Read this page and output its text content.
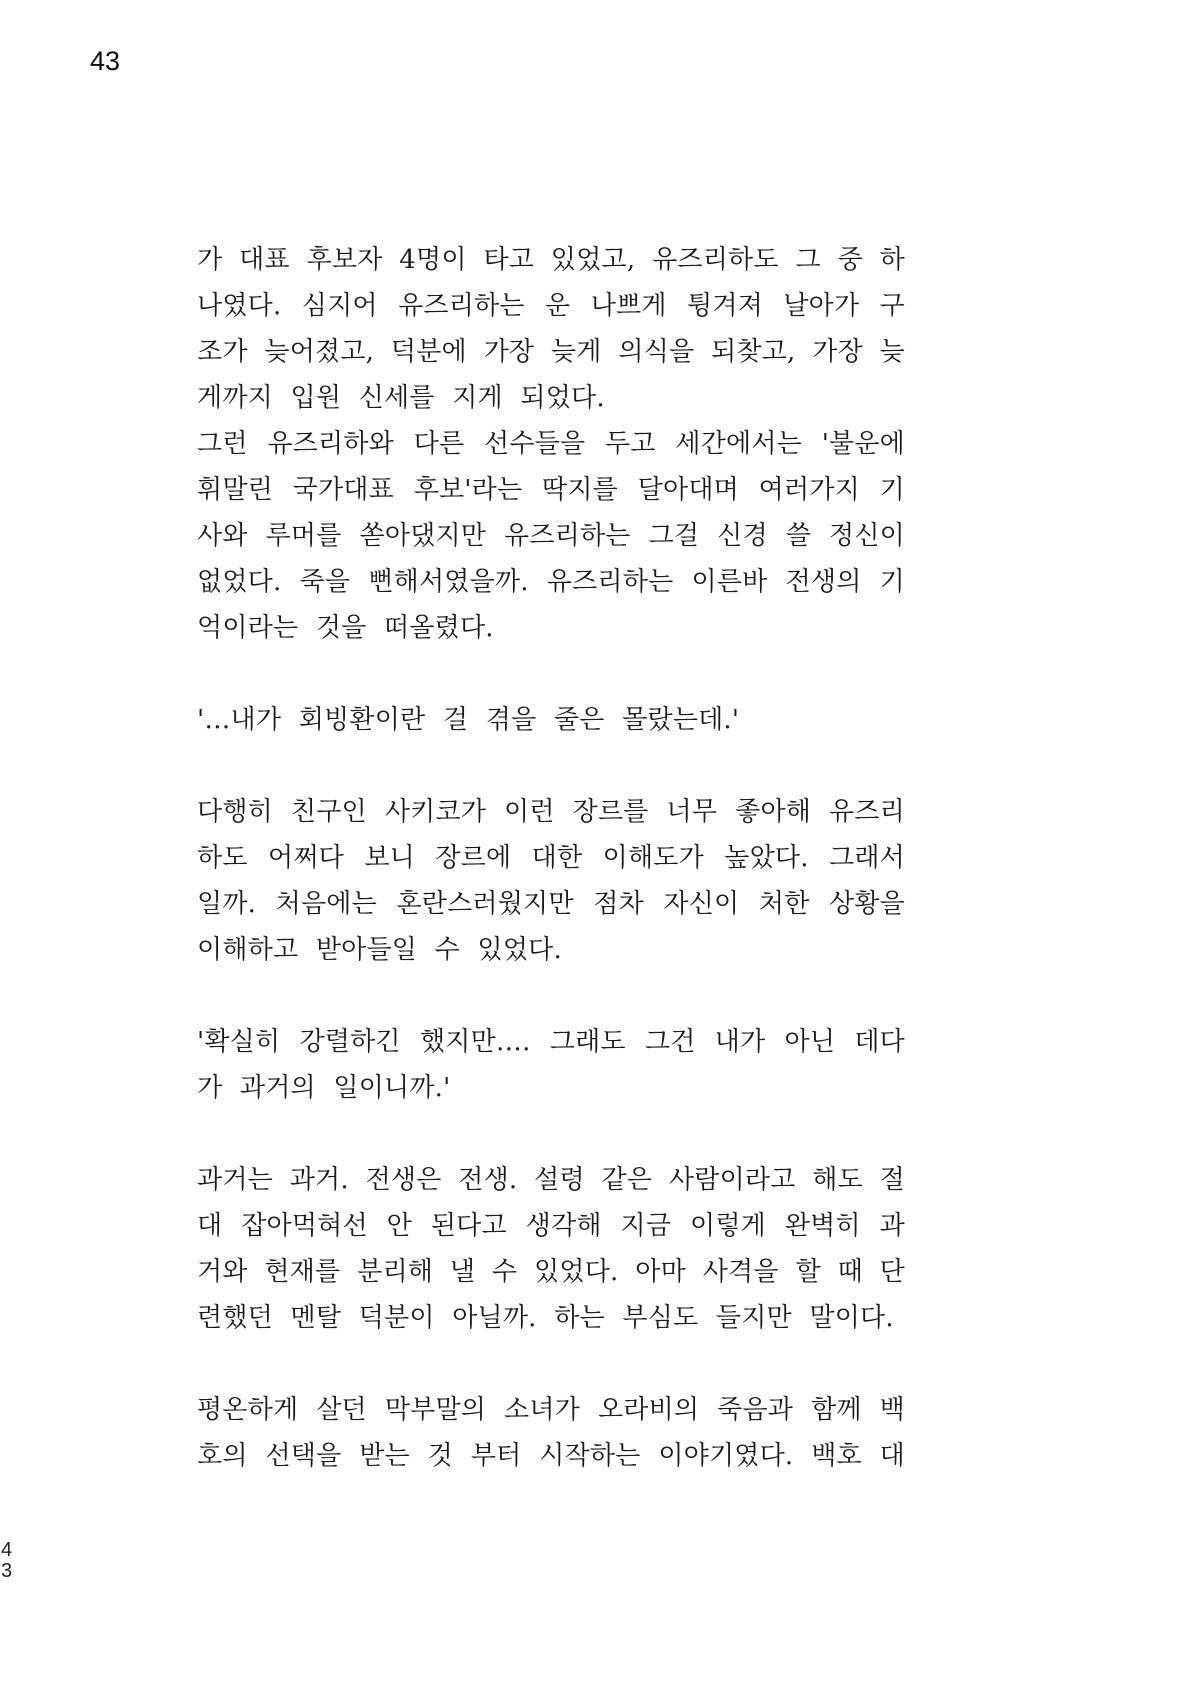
43
가 대표 후보자 4명이 타고 있었고, 유즈리하도 그 중 하
나였다. 심지어 유즈리하는 운 나쁘게 튕겨져 날아가 구
조가 늦어졌고, 덕분에 가장 늦게 의식을 되찾고, 가장 늦
게까지 입원 신세를 지게 되었다.
그런 유즈리하와 다른 선수들을 두고 세간에서는 '불운에
휘말린 국가대표 후보'라는 딱지를 달아대며 여러가지 기
사와 루머를 쏟아댔지만 유즈리하는 그걸 신경 쓸 정신이
없었다. 죽을 뻔해서였을까. 유즈리하는 이른바 전생의 기
억이라는 것을 떠올렸다.

'…내가 회빙환이란 걸 겪을 줄은 몰랐는데.'

다행히 친구인 사키코가 이런 장르를 너무 좋아해 유즈리
하도 어쩌다 보니 장르에 대한 이해도가 높았다. 그래서
일까. 처음에는 혼란스러웠지만 점차 자신이 처한 상황을
이해하고 받아들일 수 있었다.

'확실히 강렬하긴 했지만…. 그래도 그건 내가 아닌 데다
가 과거의 일이니까.'

과거는 과거. 전생은 전생. 설령 같은 사람이라고 해도 절
대 잡아먹혀선 안 된다고 생각해 지금 이렇게 완벽히 과
거와 현재를 분리해 낼 수 있었다. 아마 사격을 할 때 단
련했던 멘탈 덕분이 아닐까. 하는 부심도 들지만 말이다.

평온하게 살던 막부말의 소녀가 오라비의 죽음과 함께 백
호의 선택을 받는 것 부터 시작하는 이야기였다. 백호 대
4
3
